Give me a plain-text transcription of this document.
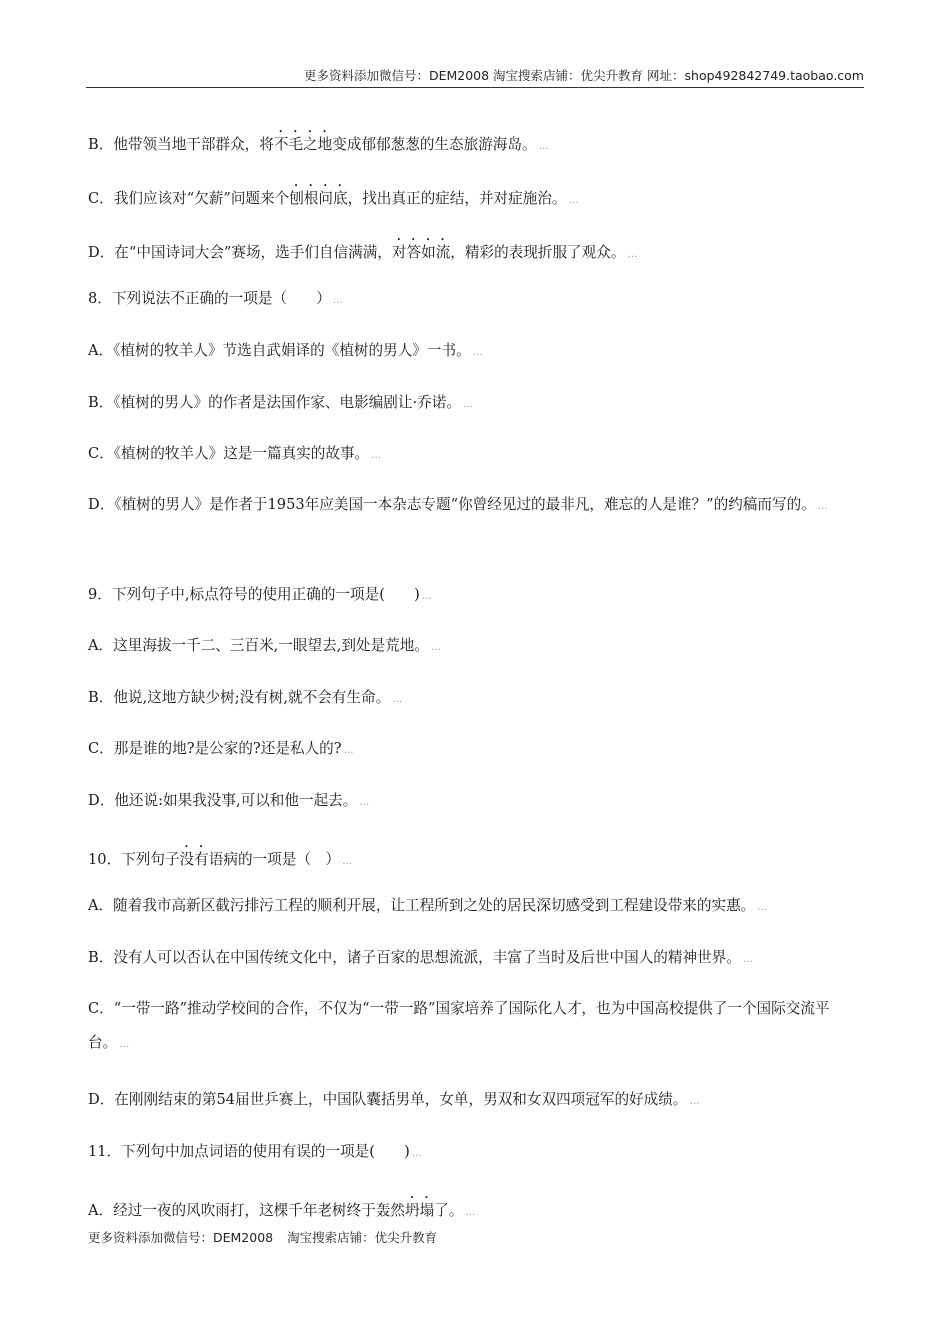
更多资料添加微信号：DEM2008 淘宝搜索店铺：优尖升教育 网址：shop492842749.taobao.com
B．他带领当地干部群众，将不毛之地变成郁郁葱葱的生态旅游海岛。 …
C．我们应该对“欠薪”问题来个刨根问底，找出真正的症结，并对症施治。 …
D．在“中国诗词大会”赛场，选手们自信满满，对答如流，精彩的表现折服了观众。 …
8．下列说法不正确的一项是（　　） …
A．《植树的牧羊人》节选自武娟译的《植树的男人》一书。 …
B．《植树的男人》的作者是法国作家、电影编剧让·乔诺。 …
C．《植树的牧羊人》这是一篇真实的故事。 …
D．《植树的男人》是作者于1953年应美国一本杂志专题“你曾经见过的最非凡，难忘的人是谁？”的约稿而写的。 …
9．下列句子中,标点符号的使用正确的一项是(　　) …
A．这里海拔一千二、三百米,一眼望去,到处是荒地。 …
B．他说,这地方缺少树;没有树,就不会有生命。 …
C．那是谁的地?是公家的?还是私人的? …
D．他还说:如果我没事,可以和他一起去。 …
10．下列句子没有语病的一项是（　） …
A．随着我市高新区截污排污工程的顺利开展，让工程所到之处的居民深切感受到工程建设带来的实惠。 …
B．没有人可以否认在中国传统文化中，诸子百家的思想流派，丰富了当时及后世中国人的精神世界。 …
C．“一带一路”推动学校间的合作，不仅为“一带一路”国家培养了国际化人才，也为中国高校提供了一个国际交流平台。 …
D．在刚刚结束的第54届世乒赛上，中国队囊括男单，女单，男双和女双四项冠军的好成绩。 …
11．下列句中加点词语的使用有误的一项是(　　) …
A．经过一夜的风吹雨打，这棵千年老树终于轰然坍塌了。 …
更多资料添加微信号：DEM2008 淘宝搜索店铺：优尖升教育
